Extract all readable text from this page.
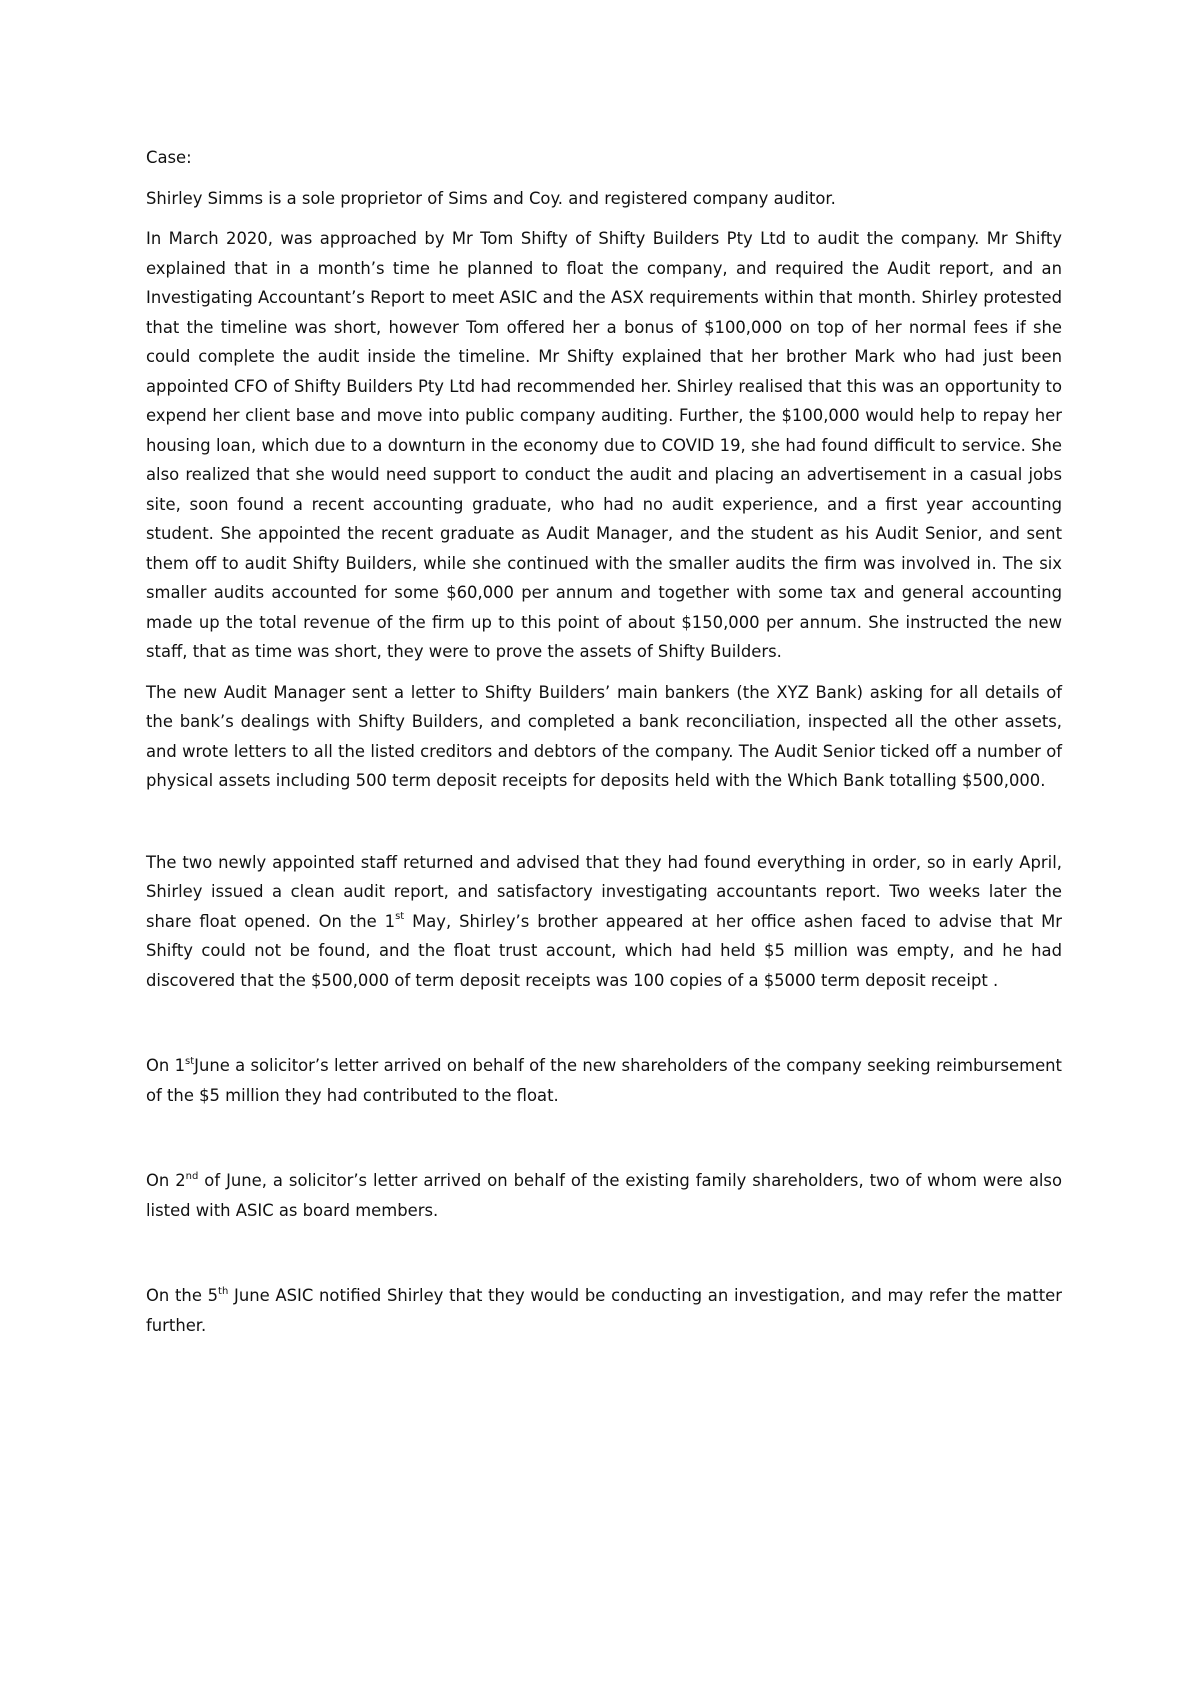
Case:

Shirley Simms is a sole proprietor of Sims and Coy. and registered company auditor.

In March 2020, was approached by Mr Tom Shifty of Shifty Builders Pty Ltd to audit the company. Mr Shifty explained that in a month’s time he planned to float the company, and required the Audit report, and an Investigating Accountant’s Report to meet ASIC and the ASX requirements within that month. Shirley protested that the timeline was short, however Tom offered her a bonus of $100,000 on top of her normal fees if she could complete the audit inside the timeline. Mr Shifty explained that her brother Mark who had just been appointed CFO of Shifty Builders Pty Ltd had recommended her. Shirley realised that this was an opportunity to expend her client base and move into public company auditing. Further, the $100,000 would help to repay her housing loan, which due to a downturn in the economy due to COVID 19, she had found difficult to service. She also realized that she would need support to conduct the audit and placing an advertisement in a casual jobs site, soon found a recent accounting graduate, who had no audit experience, and a first year accounting student. She appointed the recent graduate as Audit Manager, and the student as his Audit Senior, and sent them off to audit Shifty Builders, while she continued with the smaller audits the firm was involved in. The six smaller audits accounted for some $60,000 per annum and together with some tax and general accounting made up the total revenue of the firm up to this point of about $150,000 per annum. She instructed the new staff, that as time was short, they were to prove the assets of Shifty Builders.

The new Audit Manager sent a letter to Shifty Builders’ main bankers (the XYZ Bank) asking for all details of the bank’s dealings with Shifty Builders, and completed a bank reconciliation, inspected all the other assets, and wrote letters to all the listed creditors and debtors of the company. The Audit Senior ticked off a number of physical assets including 500 term deposit receipts for deposits held with the Which Bank totalling $500,000.

The two newly appointed staff returned and advised that they had found everything in order, so in early April, Shirley issued a clean audit report, and satisfactory investigating accountants report. Two weeks later the share float opened. On the 1st May, Shirley’s brother appeared at her office ashen faced to advise that Mr Shifty could not be found, and the float trust account, which had held $5 million was empty, and he had discovered that the $500,000 of term deposit receipts was 100 copies of a $5000 term deposit receipt .

On 1stJune a solicitor’s letter arrived on behalf of the new shareholders of the company seeking reimbursement of the $5 million they had contributed to the float.

On 2nd of June, a solicitor’s letter arrived on behalf of the existing family shareholders, two of whom were also listed with ASIC as board members.

On the 5th June ASIC notified Shirley that they would be conducting an investigation, and may refer the matter further.
